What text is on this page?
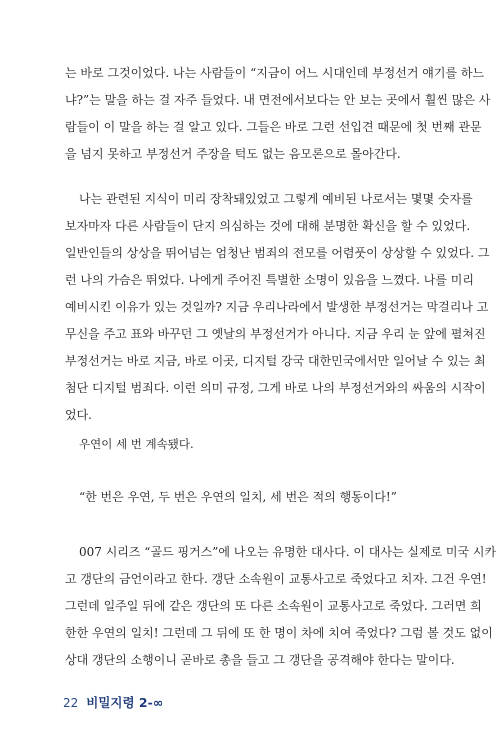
는 바로 그것이었다. 나는 사람들이 “지금이 어느 시대인데 부정선거 얘기를 하느
냐?”는 말을 하는 걸 자주 들었다. 내 면전에서보다는 안 보는 곳에서 훨씬 많은 사
람들이 이 말을 하는 걸 알고 있다. 그들은 바로 그런 선입견 때문에 첫 번째 관문
을 넘지 못하고 부정선거 주장을 턱도 없는 음모론으로 몰아간다.
나는 관련된 지식이 미리 장착돼있었고 그렇게 예비된 나로서는 몇몇 숫자를
보자마자 다른 사람들이 단지 의심하는 것에 대해 분명한 확신을 할 수 있었다.
일반인들의 상상을 뛰어넘는 엄청난 범죄의 전모를 어렴풋이 상상할 수 있었다. 그
런 나의 가슴은 뛰었다. 나에게 주어진 특별한 소명이 있음을 느꼈다. 나를 미리
예비시킨 이유가 있는 것일까? 지금 우리나라에서 발생한 부정선거는 막걸리나 고
무신을 주고 표와 바꾸던 그 옛날의 부정선거가 아니다. 지금 우리 눈 앞에 펼쳐진
부정선거는 바로 지금, 바로 이곳, 디지털 강국 대한민국에서만 일어날 수 있는 최
첨단 디지털 범죄다. 이런 의미 규정, 그게 바로 나의 부정선거와의 싸움의 시작이
었다.
우연이 세 번 계속됐다.
“한 번은 우연, 두 번은 우연의 일치, 세 번은 적의 행동이다!”
007 시리즈 “골드 핑거스”에 나오는 유명한 대사다. 이 대사는 실제로 미국 시카
고 갱단의 금언이라고 한다. 갱단 소속원이 교통사고로 죽었다고 치자. 그건 우연!
그런데 일주일 뒤에 같은 갱단의 또 다른 소속원이 교통사고로 죽었다. 그러면 희
한한 우연의 일치! 그런데 그 뒤에 또 한 명이 차에 치여 죽었다? 그럼 볼 것도 없이
상대 갱단의 소행이니 곧바로 총을 들고 그 갱단을 공격해야 한다는 말이다.
22 비밀지령 2-∞
